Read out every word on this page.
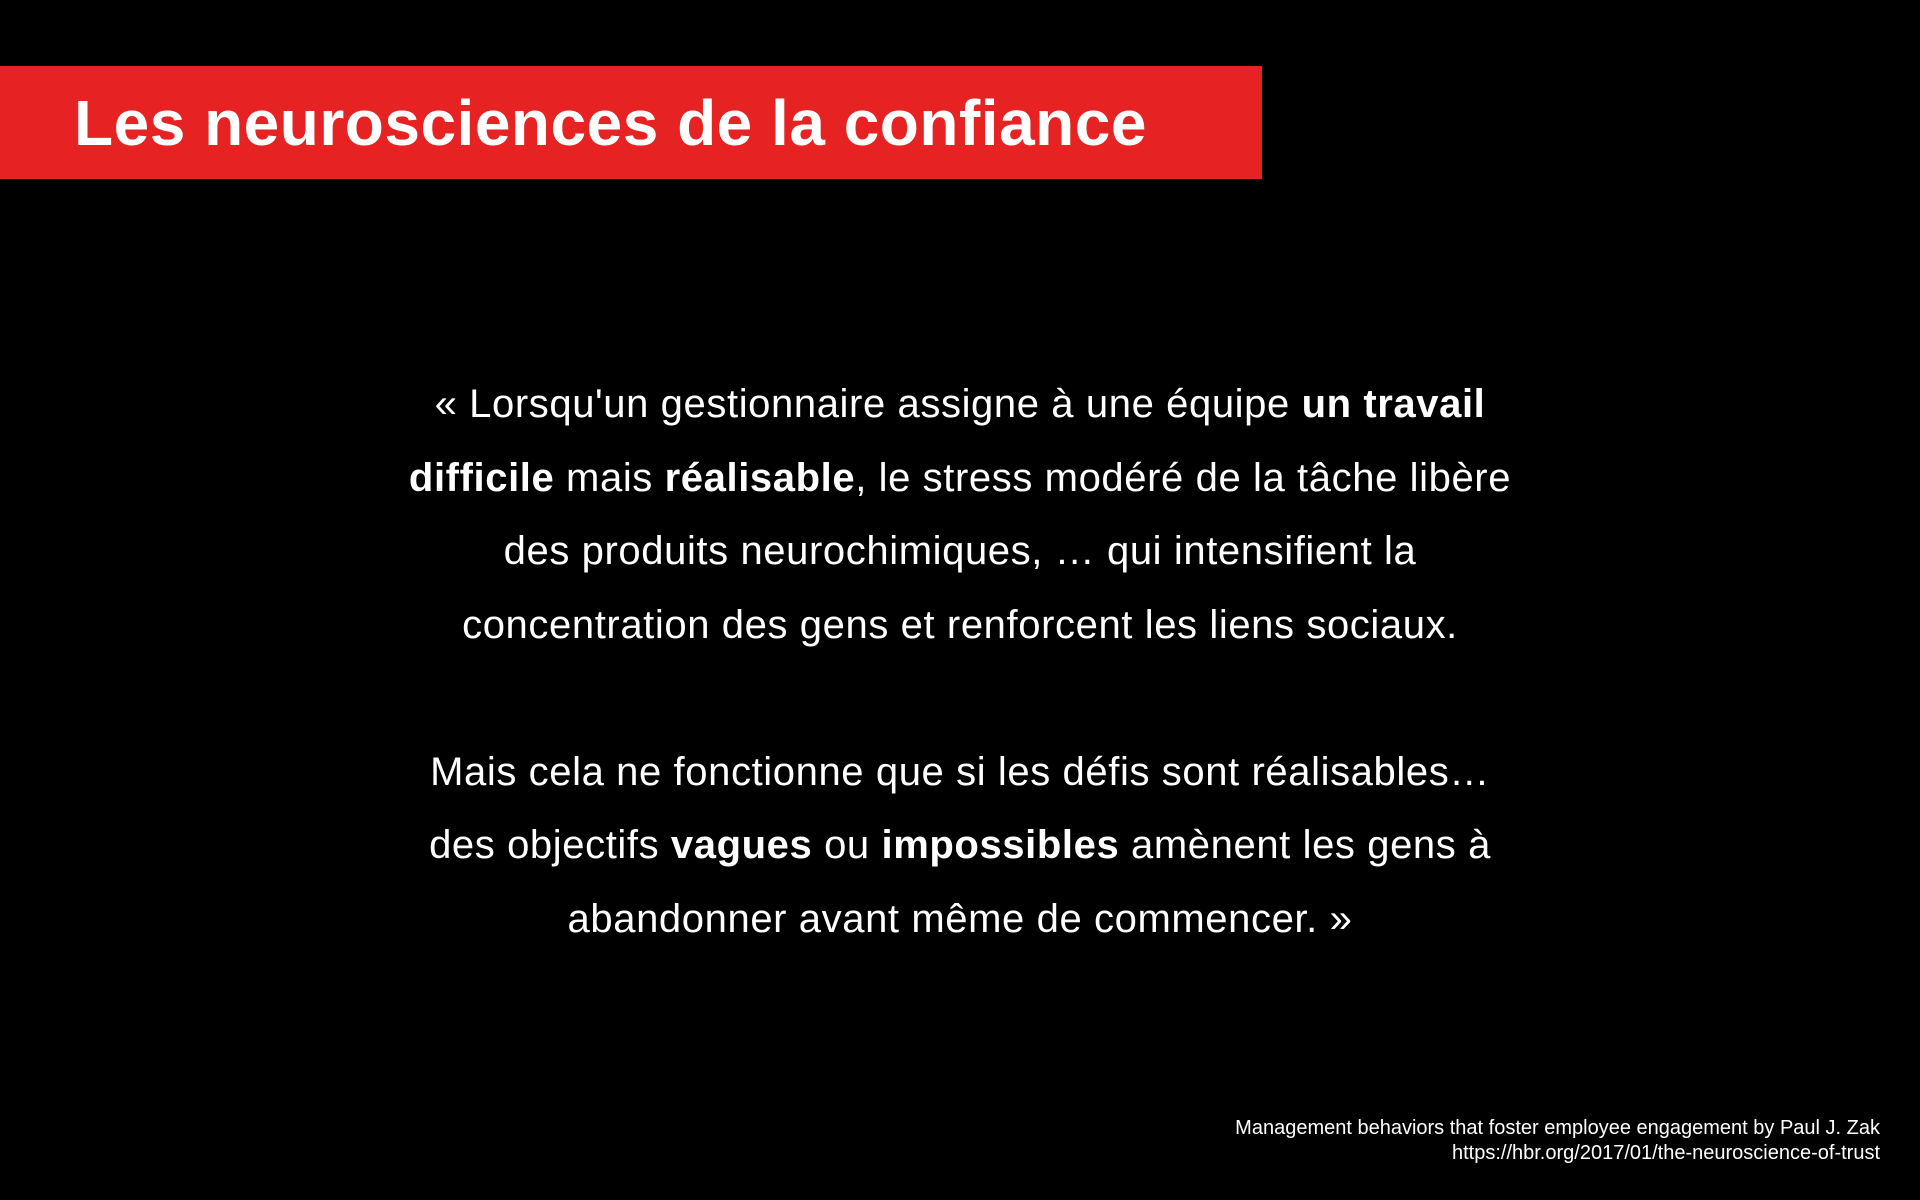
Les neurosciences de la confiance
« Lorsqu'un gestionnaire assigne à une équipe un travail
difficile mais réalisable, le stress modéré de la tâche libère
des produits neurochimiques, … qui intensifient la
concentration des gens et renforcent les liens sociaux.
Mais cela ne fonctionne que si les défis sont réalisables…
des objectifs vagues ou impossibles amènent les gens à
abandonner avant même de commencer. »
Management behaviors that foster employee engagement by Paul J. Zak
https://hbr.org/2017/01/the-neuroscience-of-trust
